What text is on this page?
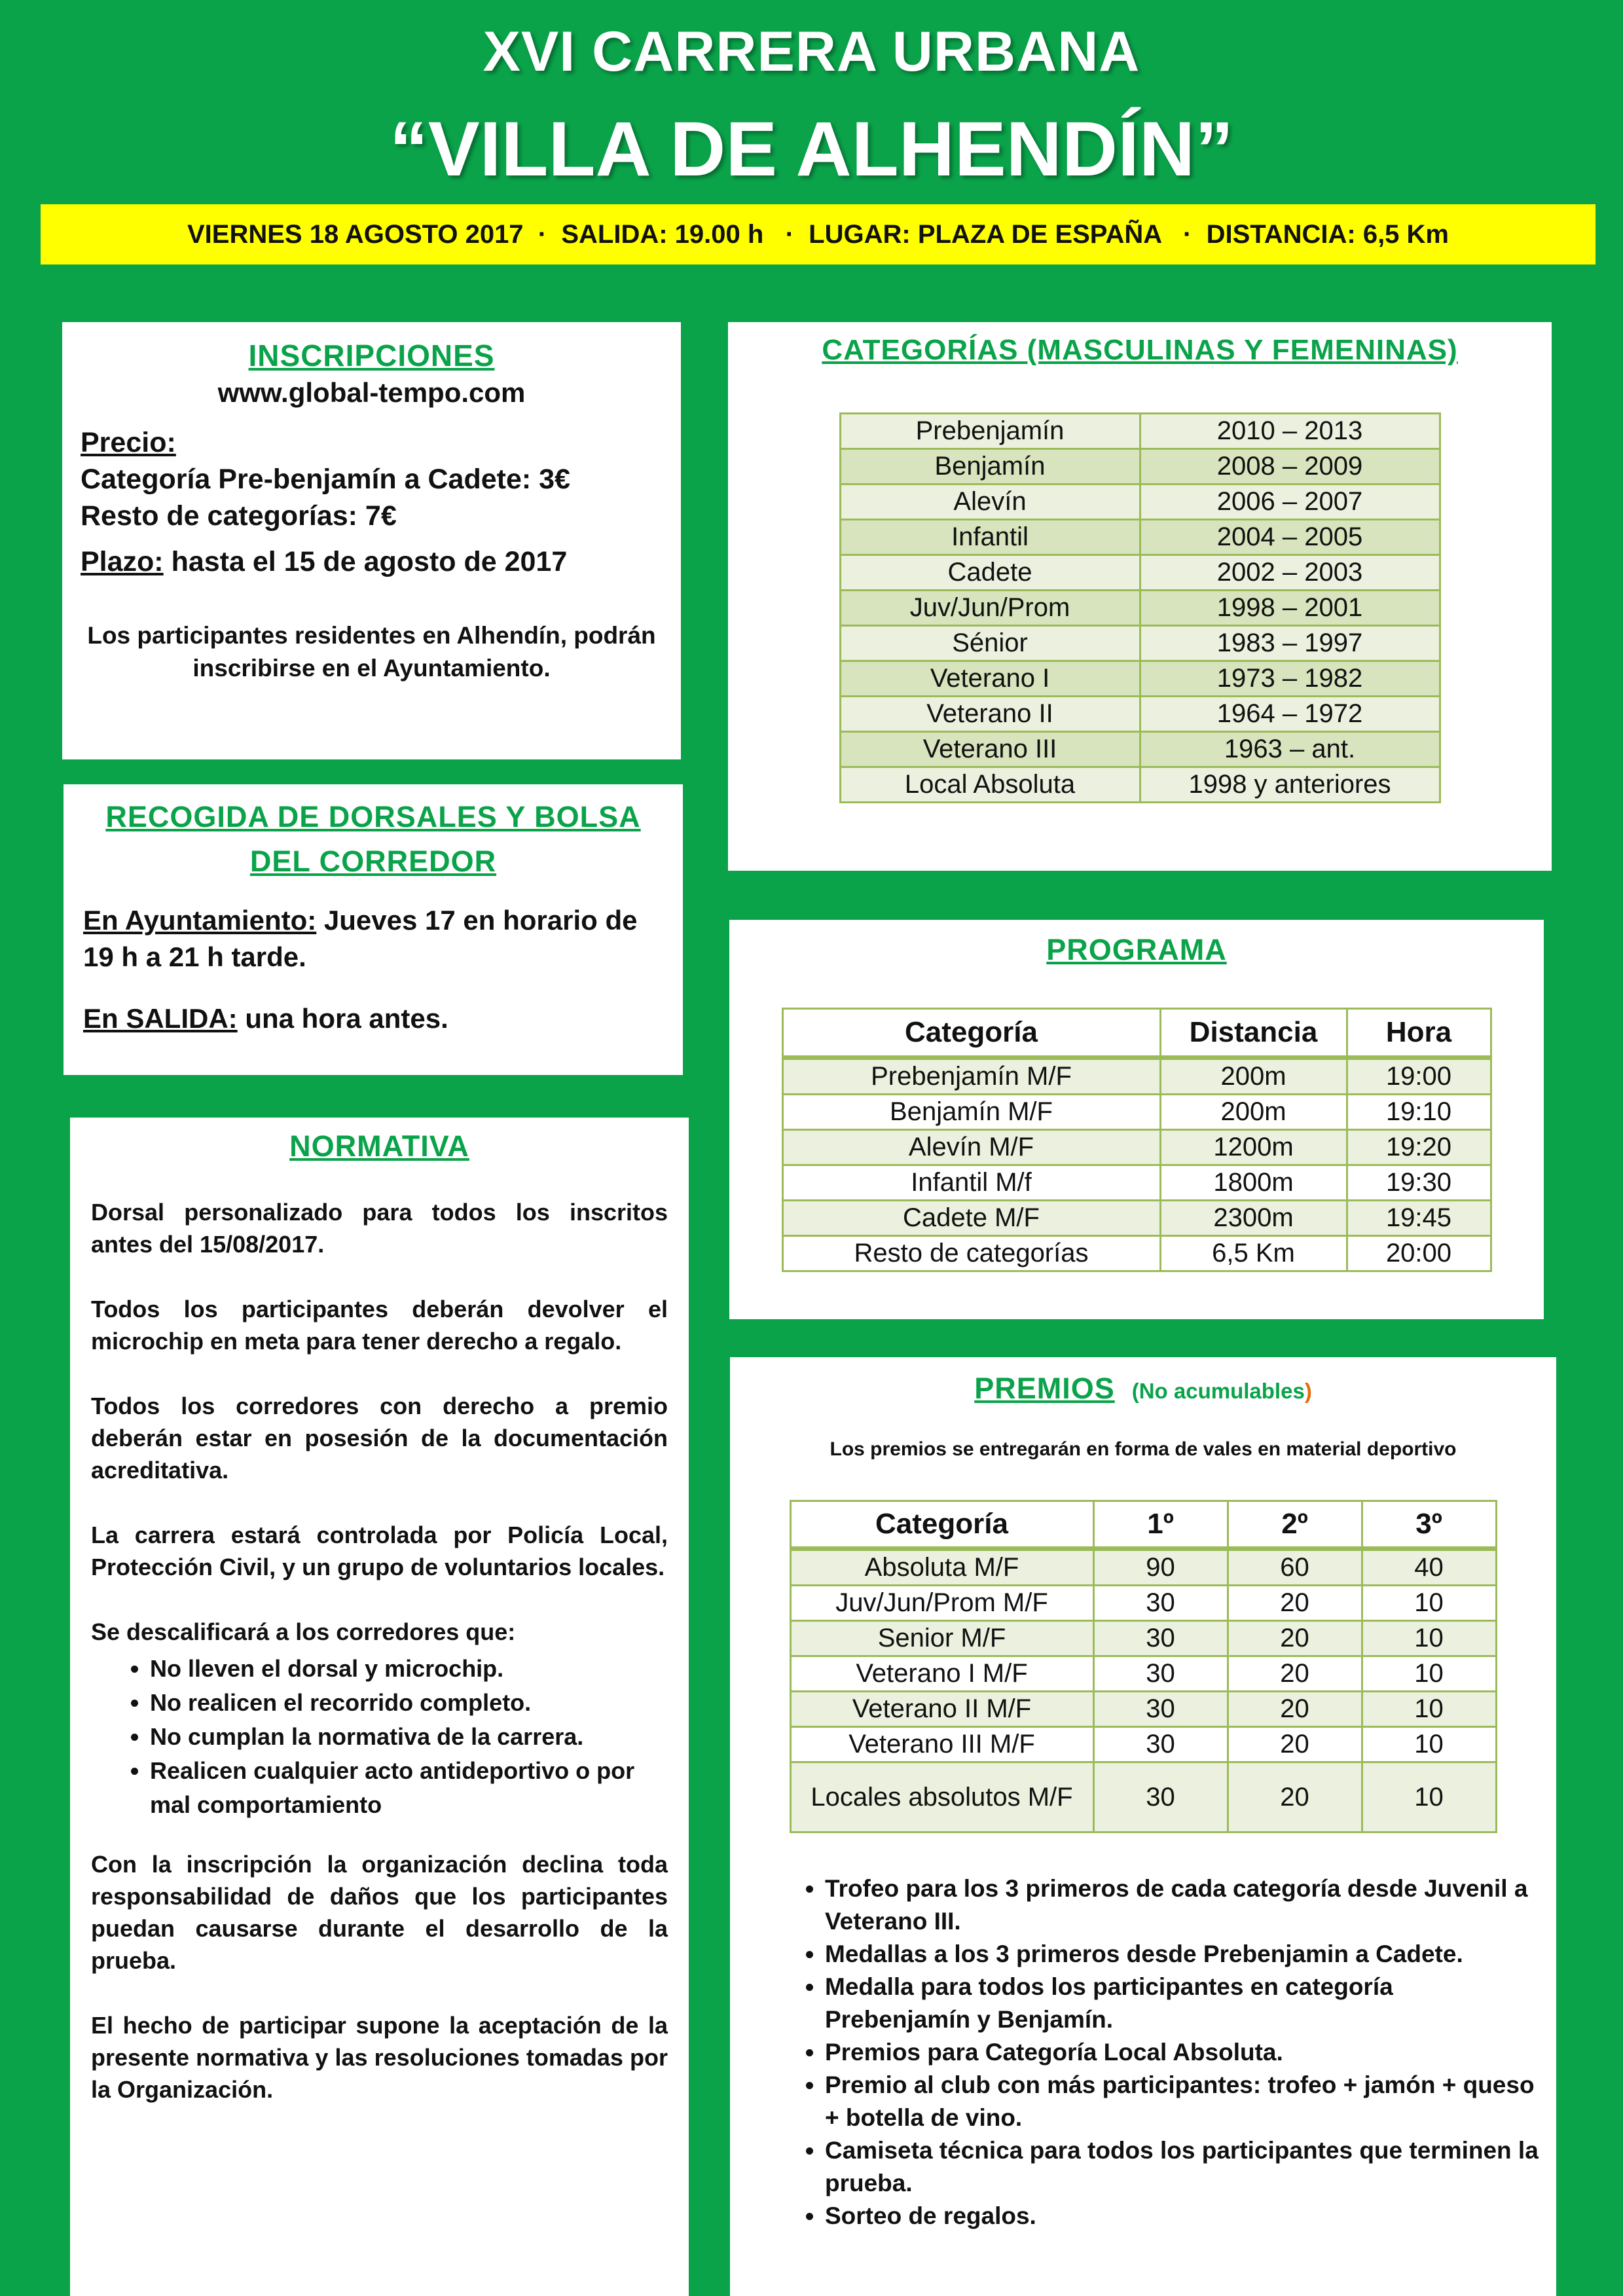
XVI CARRERA URBANA
“VILLA DE ALHENDÍN”
VIERNES 18 AGOSTO 2017  ·  SALIDA: 19.00 h   ·  LUGAR: PLAZA DE ESPAÑA   ·  DISTANCIA: 6,5 Km
INSCRIPCIONES
www.global-tempo.com
Precio:
Categoría Pre-benjamín a Cadete: 3€
Resto de categorías: 7€
Plazo: hasta el 15 de agosto de 2017
Los participantes residentes en Alhendín, podrán inscribirse en el Ayuntamiento.
RECOGIDA DE DORSALES Y BOLSA DEL CORREDOR
En Ayuntamiento: Jueves 17 en horario de 19 h a 21 h tarde.
En SALIDA: una hora antes.
NORMATIVA
Dorsal personalizado para todos los inscritos antes del 15/08/2017.
Todos los participantes deberán devolver el microchip en meta para tener derecho a regalo.
Todos los corredores con derecho a premio deberán estar en posesión de la documentación acreditativa.
La carrera estará controlada por Policía Local, Protección Civil, y un grupo de voluntarios locales.
Se descalificará a los corredores que:
• No lleven el dorsal y microchip.
• No realicen el recorrido completo.
• No cumplan la normativa de la carrera.
• Realicen cualquier acto antideportivo o por mal comportamiento
Con la inscripción la organización declina toda responsabilidad de daños que los participantes puedan causarse durante el desarrollo de la prueba.
El hecho de participar supone la aceptación de la presente normativa y las resoluciones tomadas por la Organización.
CATEGORÍAS (MASCULINAS Y FEMENINAS)
Prebenjamín	2010 – 2013
Benjamín	2008 – 2009
Alevín	2006 – 2007
Infantil	2004 – 2005
Cadete	2002 – 2003
Juv/Jun/Prom	1998 – 2001
Sénior	1983 – 1997
Veterano I	1973 – 1982
Veterano II	1964 – 1972
Veterano III	1963 – ant.
Local Absoluta	1998 y anteriores
PROGRAMA
Categoría	Distancia	Hora
Prebenjamín M/F	200m	19:00
Benjamín M/F	200m	19:10
Alevín M/F	1200m	19:20
Infantil M/f	1800m	19:30
Cadete M/F	2300m	19:45
Resto de categorías	6,5 Km	20:00
PREMIOS (No acumulables)
Los premios se entregarán en forma de vales en material deportivo
Categoría	1º	2º	3º
Absoluta M/F	90	60	40
Juv/Jun/Prom M/F	30	20	10
Senior M/F	30	20	10
Veterano I M/F	30	20	10
Veterano II M/F	30	20	10
Veterano III M/F	30	20	10
Locales absolutos M/F	30	20	10
• Trofeo para los 3 primeros de cada categoría desde Juvenil a Veterano III.
• Medallas a los 3 primeros desde Prebenjamin a Cadete.
• Medalla para todos los participantes en categoría Prebenjamín y Benjamín.
• Premios para Categoría Local Absoluta.
• Premio al club con más participantes: trofeo + jamón + queso + botella de vino.
• Camiseta técnica para todos los participantes que terminen la prueba.
• Sorteo de regalos.
